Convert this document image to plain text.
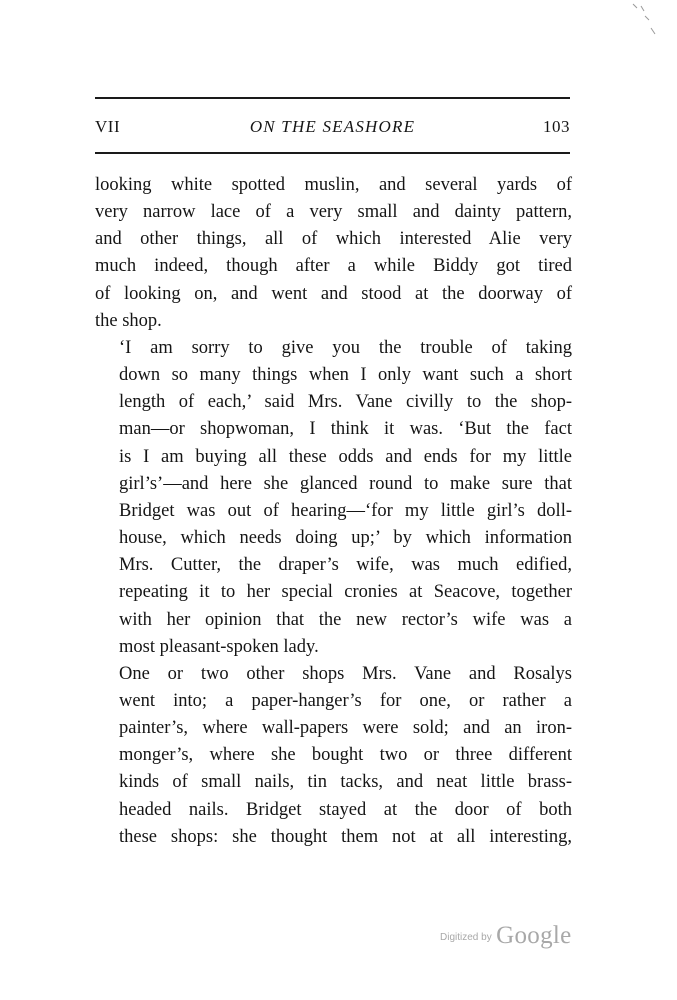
VII	ON THE SEASHORE	103

looking white spotted muslin, and several yards of
very narrow lace of a very small and dainty pattern,
and other things, all of which interested Alie very
much indeed, though after a while Biddy got tired
of looking on, and went and stood at the doorway of
the shop.

‘I am sorry to give you the trouble of taking
down so many things when I only want such a short
length of each,’ said Mrs. Vane civilly to the shop-
man—or shopwoman, I think it was. ‘But the fact
is I am buying all these odds and ends for my little
girl’s’—and here she glanced round to make sure that
Bridget was out of hearing—‘for my little girl’s doll-
house, which needs doing up;’ by which information
Mrs. Cutter, the draper’s wife, was much edified,
repeating it to her special cronies at Seacove, together
with her opinion that the new rector’s wife was a
most pleasant-spoken lady.

One or two other shops Mrs. Vane and Rosalys
went into; a paper-hanger’s for one, or rather a
painter’s, where wall-papers were sold; and an iron-
monger’s, where she bought two or three different
kinds of small nails, tin tacks, and neat little brass-
headed nails. Bridget stayed at the door of both
these shops: she thought them not at all interesting,

Digitized by Google
